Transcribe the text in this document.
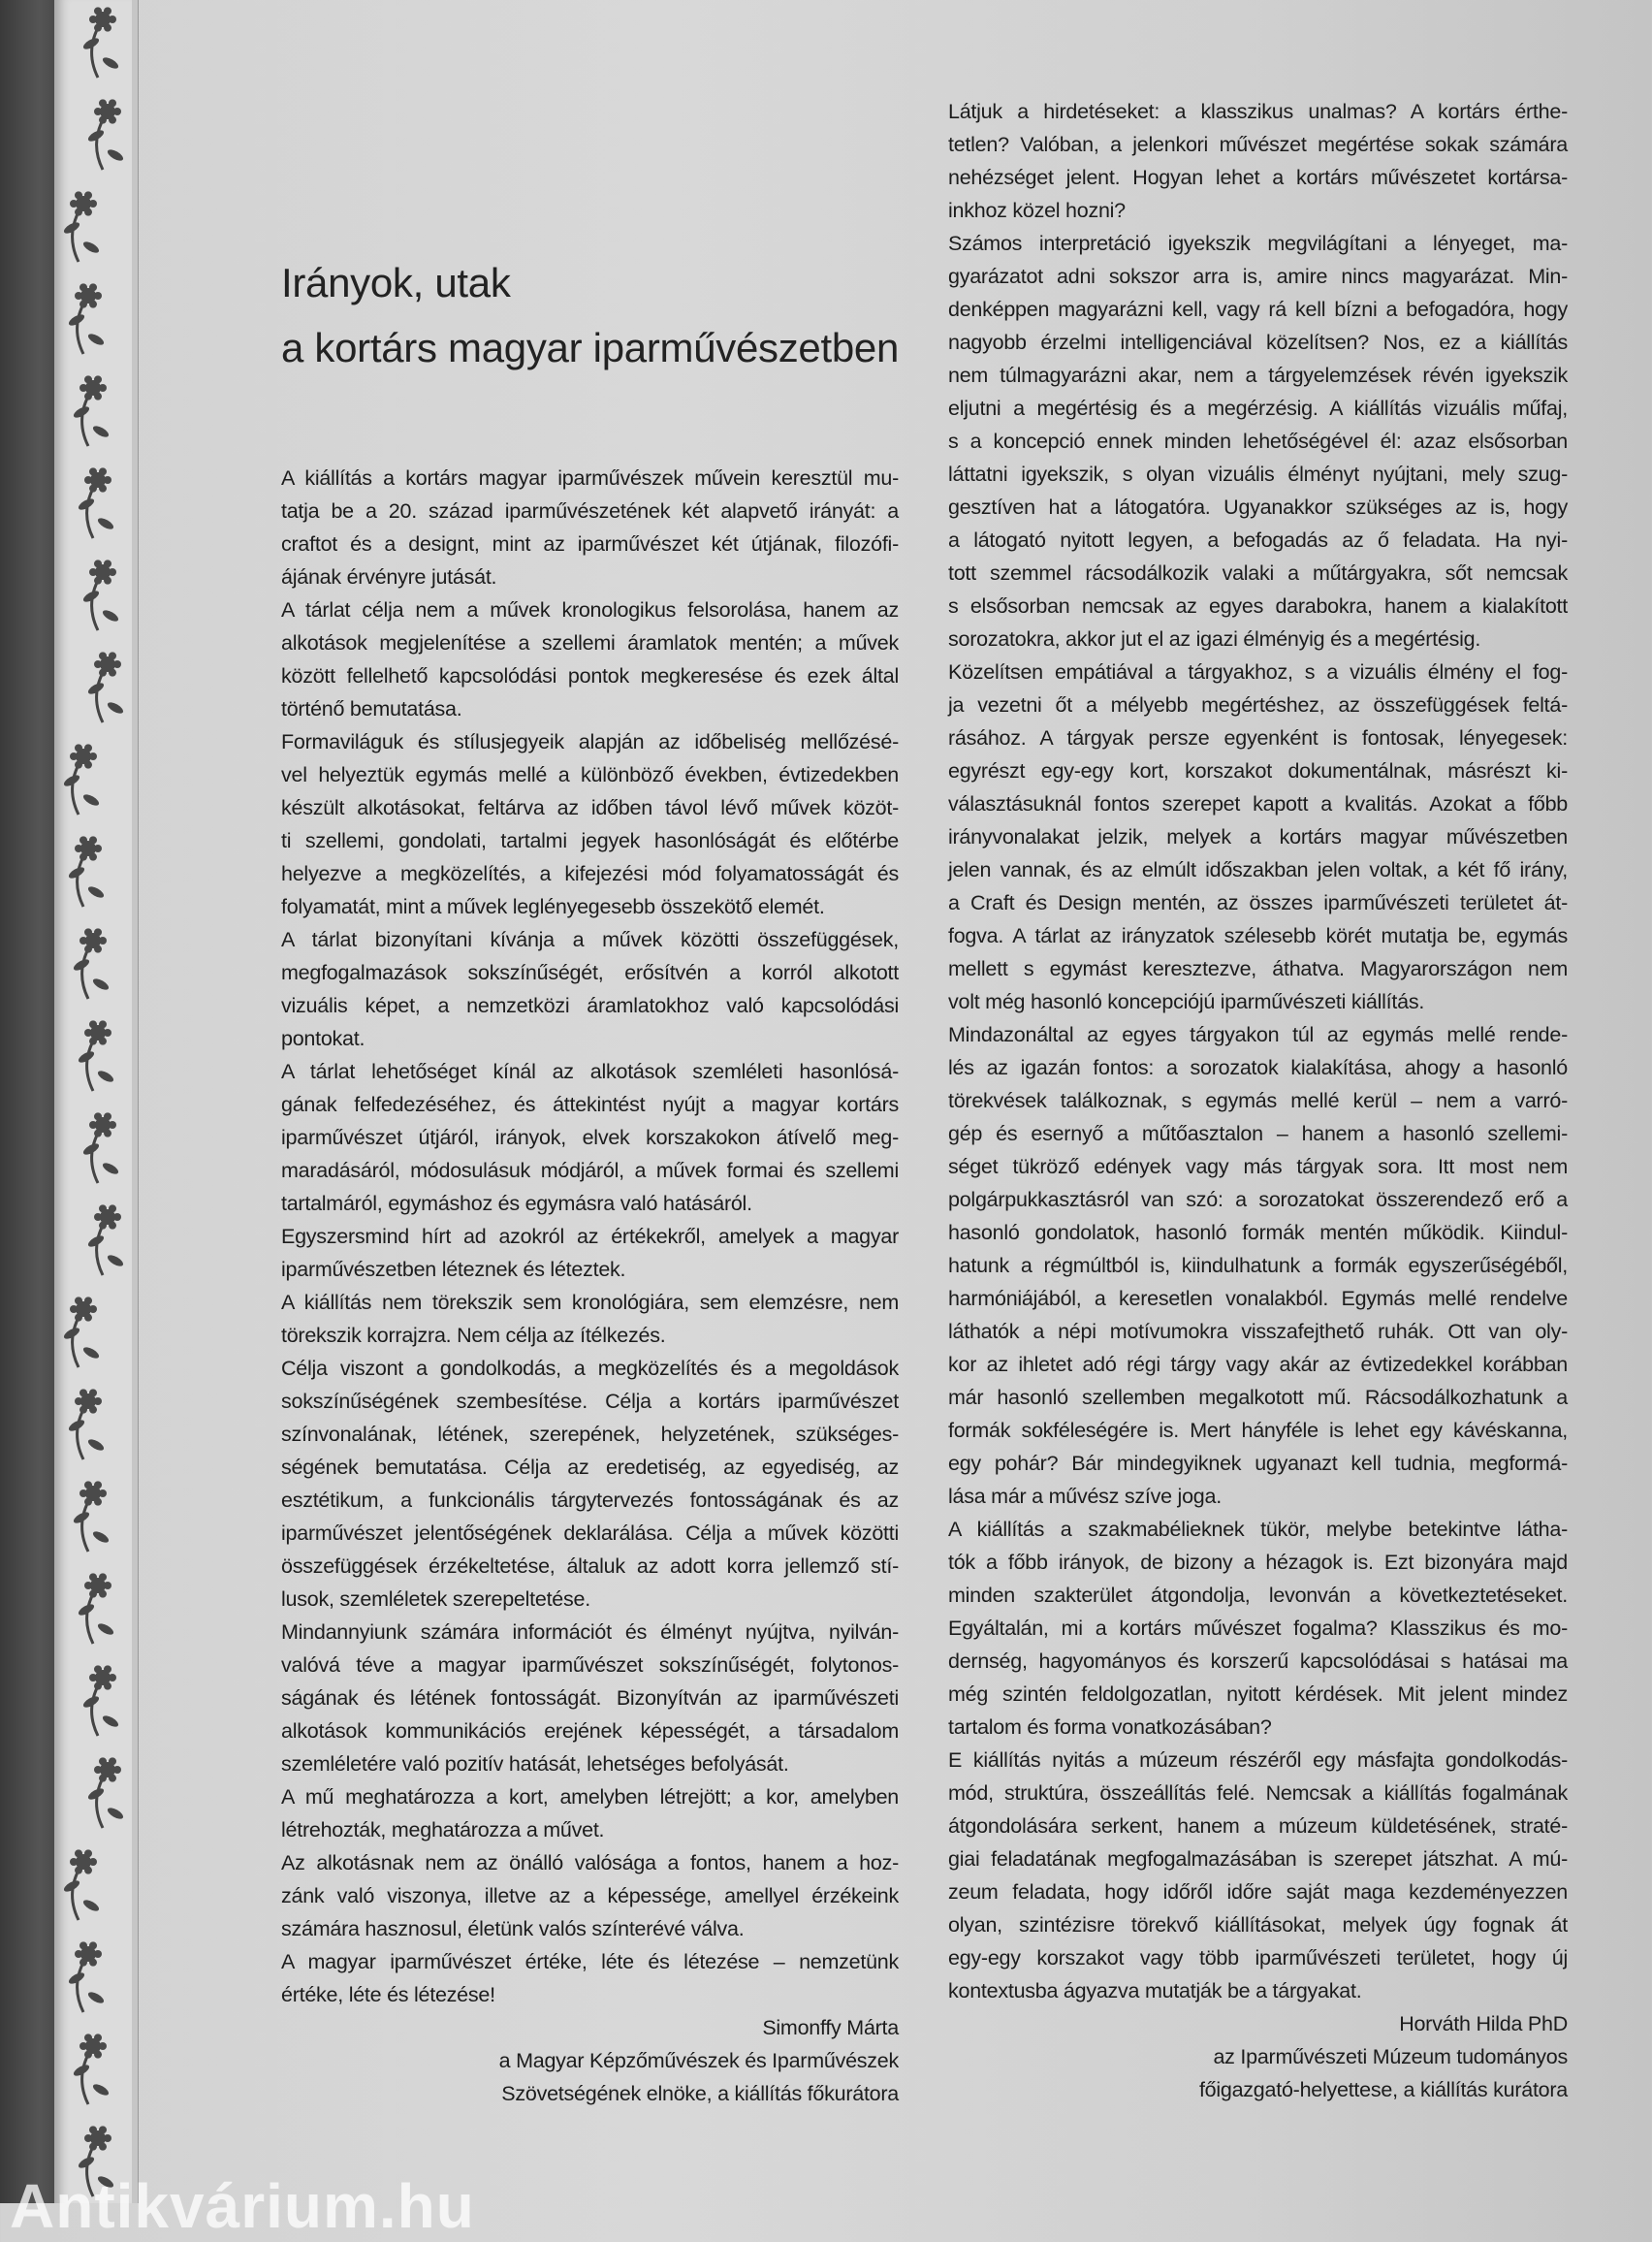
Irányok, utak
a kortárs magyar iparművészetben
A kiállítás a kortárs magyar iparművészek művein keresztül mu-
tatja be a 20. század iparművészetének két alapvető irányát: a
craftot és a designt, mint az iparművészet két útjának, filozófi-
ájának érvényre jutását.
A tárlat célja nem a művek kronologikus felsorolása, hanem az
alkotások megjelenítése a szellemi áramlatok mentén; a művek
között fellelhető kapcsolódási pontok megkeresése és ezek által
történő bemutatása.
Formaviláguk és stílusjegyeik alapján az időbeliség mellőzésé-
vel helyeztük egymás mellé a különböző években, évtizedekben
készült alkotásokat, feltárva az időben távol lévő művek közöt-
ti szellemi, gondolati, tartalmi jegyek hasonlóságát és előtérbe
helyezve a megközelítés, a kifejezési mód folyamatosságát és
folyamatát, mint a művek leglényegesebb összekötő elemét.
A tárlat bizonyítani kívánja a művek közötti összefüggések,
megfogalmazások sokszínűségét, erősítvén a korról alkotott
vizuális képet, a nemzetközi áramlatokhoz való kapcsolódási
pontokat.
A tárlat lehetőséget kínál az alkotások szemléleti hasonlósá-
gának felfedezéséhez, és áttekintést nyújt a magyar kortárs
iparművészet útjáról, irányok, elvek korszakokon átívelő meg-
maradásáról, módosulásuk módjáról, a művek formai és szellemi
tartalmáról, egymáshoz és egymásra való hatásáról.
Egyszersmind hírt ad azokról az értékekről, amelyek a magyar
iparművészetben léteznek és léteztek.
A kiállítás nem törekszik sem kronológiára, sem elemzésre, nem
törekszik korrajzra. Nem célja az ítélkezés.
Célja viszont a gondolkodás, a megközelítés és a megoldások
sokszínűségének szembesítése. Célja a kortárs iparművészet
színvonalának, létének, szerepének, helyzetének, szükséges-
ségének bemutatása. Célja az eredetiség, az egyediség, az
esztétikum, a funkcionális tárgytervezés fontosságának és az
iparművészet jelentőségének deklarálása. Célja a művek közötti
összefüggések érzékeltetése, általuk az adott korra jellemző stí-
lusok, szemléletek szerepeltetése.
Mindannyiunk számára információt és élményt nyújtva, nyilván-
valóvá téve a magyar iparművészet sokszínűségét, folytonos-
ságának és létének fontosságát. Bizonyítván az iparművészeti
alkotások kommunikációs erejének képességét, a társadalom
szemléletére való pozitív hatását, lehetséges befolyását.
A mű meghatározza a kort, amelyben létrejött; a kor, amelyben
létrehozták, meghatározza a művet.
Az alkotásnak nem az önálló valósága a fontos, hanem a hoz-
zánk való viszonya, illetve az a képessége, amellyel érzékeink
számára hasznosul, életünk valós színterévé válva.
A magyar iparművészet értéke, léte és létezése – nemzetünk
értéke, léte és létezése!
Simonffy Márta
a Magyar Képzőművészek és Iparművészek
Szövetségének elnöke, a kiállítás főkurátora
Látjuk a hirdetéseket: a klasszikus unalmas? A kortárs érthe-
tetlen? Valóban, a jelenkori művészet megértése sokak számára
nehézséget jelent. Hogyan lehet a kortárs művészetet kortársa-
inkhoz közel hozni?
Számos interpretáció igyekszik megvilágítani a lényeget, ma-
gyarázatot adni sokszor arra is, amire nincs magyarázat. Min-
denképpen magyarázni kell, vagy rá kell bízni a befogadóra, hogy
nagyobb érzelmi intelligenciával közelítsen? Nos, ez a kiállítás
nem túlmagyarázni akar, nem a tárgyelemzések révén igyekszik
eljutni a megértésig és a megérzésig. A kiállítás vizuális műfaj,
s a koncepció ennek minden lehetőségével él: azaz elsősorban
láttatni igyekszik, s olyan vizuális élményt nyújtani, mely szug-
gesztíven hat a látogatóra. Ugyanakkor szükséges az is, hogy
a látogató nyitott legyen, a befogadás az ő feladata. Ha nyi-
tott szemmel rácsodálkozik valaki a műtárgyakra, sőt nemcsak
s elsősorban nemcsak az egyes darabokra, hanem a kialakított
sorozatokra, akkor jut el az igazi élményig és a megértésig.
Közelítsen empátiával a tárgyakhoz, s a vizuális élmény el fog-
ja vezetni őt a mélyebb megértéshez, az összefüggések feltá-
rásához. A tárgyak persze egyenként is fontosak, lényegesek:
egyrészt egy-egy kort, korszakot dokumentálnak, másrészt ki-
választásuknál fontos szerepet kapott a kvalitás. Azokat a főbb
irányvonalakat jelzik, melyek a kortárs magyar művészetben
jelen vannak, és az elmúlt időszakban jelen voltak, a két fő irány,
a Craft és Design mentén, az összes iparművészeti területet át-
fogva. A tárlat az irányzatok szélesebb körét mutatja be, egymás
mellett s egymást keresztezve, áthatva. Magyarországon nem
volt még hasonló koncepciójú iparművészeti kiállítás.
Mindazonáltal az egyes tárgyakon túl az egymás mellé rende-
lés az igazán fontos: a sorozatok kialakítása, ahogy a hasonló
törekvések találkoznak, s egymás mellé kerül – nem a varró-
gép és esernyő a műtőasztalon – hanem a hasonló szellemi-
séget tükröző edények vagy más tárgyak sora. Itt most nem
polgárpukkasztásról van szó: a sorozatokat összerendező erő a
hasonló gondolatok, hasonló formák mentén működik. Kiindul-
hatunk a régmúltból is, kiindulhatunk a formák egyszerűségéből,
harmóniájából, a keresetlen vonalakból. Egymás mellé rendelve
láthatók a népi motívumokra visszafejthető ruhák. Ott van oly-
kor az ihletet adó régi tárgy vagy akár az évtizedekkel korábban
már hasonló szellemben megalkotott mű. Rácsodálkozhatunk a
formák sokféleségére is. Mert hányféle is lehet egy kávéskanna,
egy pohár? Bár mindegyiknek ugyanazt kell tudnia, megformá-
lása már a művész szíve joga.
A kiállítás a szakmabélieknek tükör, melybe betekintve látha-
tók a főbb irányok, de bizony a hézagok is. Ezt bizonyára majd
minden szakterület átgondolja, levonván a következtetéseket.
Egyáltalán, mi a kortárs művészet fogalma? Klasszikus és mo-
dernség, hagyományos és korszerű kapcsolódásai s hatásai ma
még szintén feldolgozatlan, nyitott kérdések. Mit jelent mindez
tartalom és forma vonatkozásában?
E kiállítás nyitás a múzeum részéről egy másfajta gondolkodás-
mód, struktúra, összeállítás felé. Nemcsak a kiállítás fogalmának
átgondolására serkent, hanem a múzeum küldetésének, straté-
giai feladatának megfogalmazásában is szerepet játszhat. A mú-
zeum feladata, hogy időről időre saját maga kezdeményezzen
olyan, szintézisre törekvő kiállításokat, melyek úgy fognak át
egy-egy korszakot vagy több iparművészeti területet, hogy új
kontextusba ágyazva mutatják be a tárgyakat.
Horváth Hilda PhD
az Iparművészeti Múzeum tudományos
főigazgató-helyettese, a kiállítás kurátora
Antikvárium.hu
